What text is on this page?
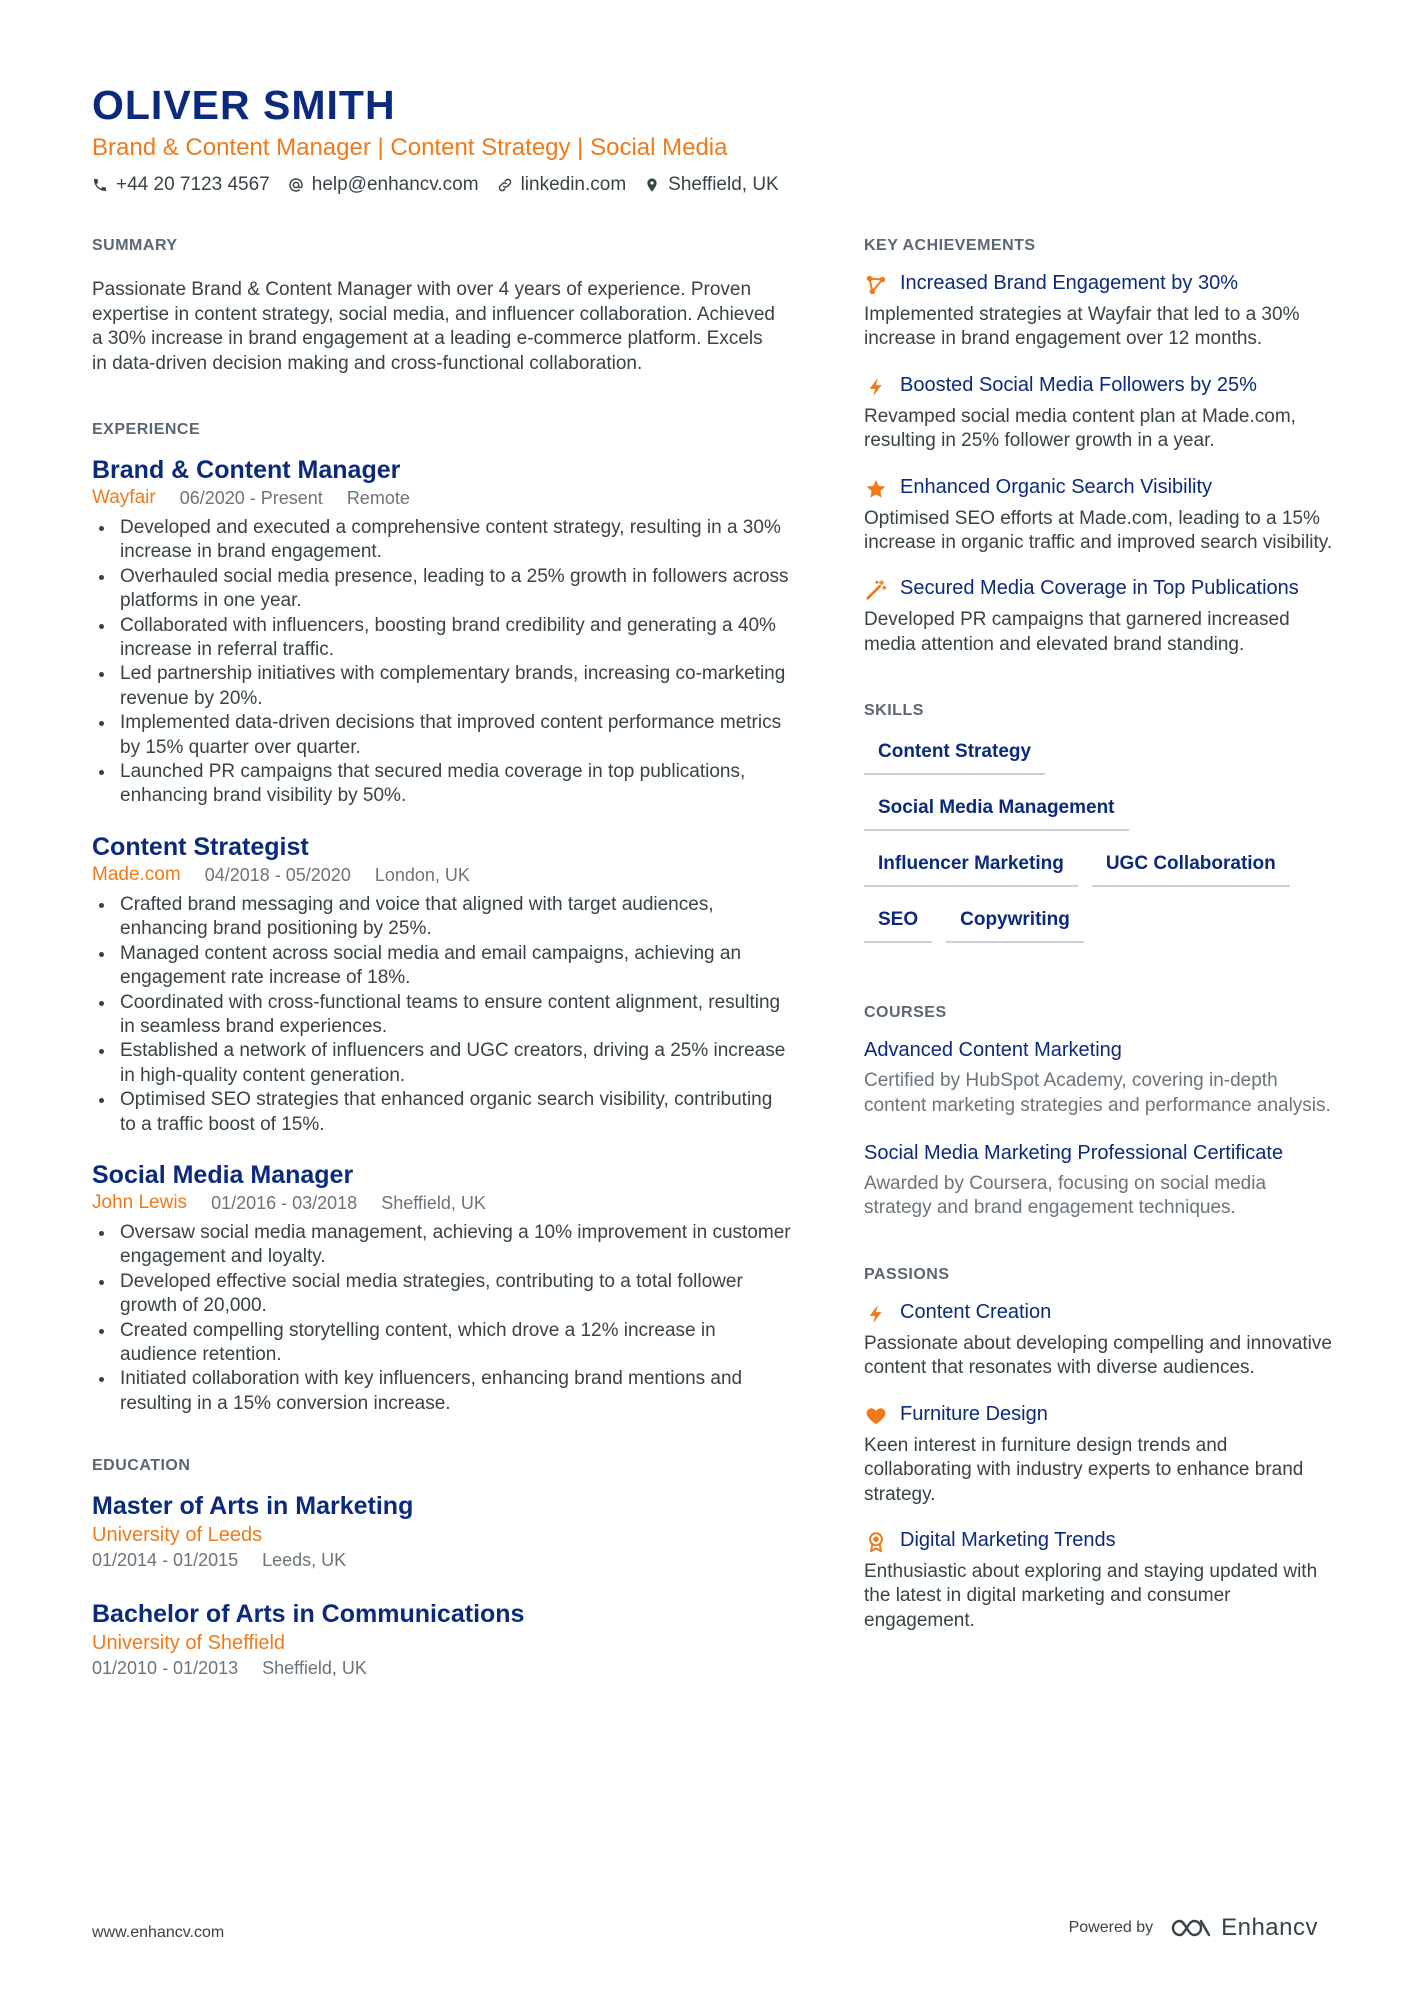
OLIVER SMITH
Brand & Content Manager | Content Strategy | Social Media
+44 20 7123 4567 help@enhancv.com linkedin.com Sheffield, UK
SUMMARY

Passionate Brand & Content Manager with over 4 years of experience. Proven expertise in content strategy, social media, and influencer collaboration. Achieved a 30% increase in brand engagement at a leading e-commerce platform. Excels in data-driven decision making and cross-functional collaboration.

EXPERIENCE
Brand & Content Manager
Wayfair 06/2020 - Present Remote
Developed and executed a comprehensive content strategy, resulting in a 30% increase in brand engagement.
Overhauled social media presence, leading to a 25% growth in followers across platforms in one year.
Collaborated with influencers, boosting brand credibility and generating a 40% increase in referral traffic.
Led partnership initiatives with complementary brands, increasing co-marketing revenue by 20%.
Implemented data-driven decisions that improved content performance metrics by 15% quarter over quarter.
Launched PR campaigns that secured media coverage in top publications, enhancing brand visibility by 50%.
Content Strategist
Made.com 04/2018 - 05/2020 London, UK
Crafted brand messaging and voice that aligned with target audiences, enhancing brand positioning by 25%.
Managed content across social media and email campaigns, achieving an engagement rate increase of 18%.
Coordinated with cross-functional teams to ensure content alignment, resulting in seamless brand experiences.
Established a network of influencers and UGC creators, driving a 25% increase in high-quality content generation.
Optimised SEO strategies that enhanced organic search visibility, contributing to a traffic boost of 15%.
Social Media Manager
John Lewis 01/2016 - 03/2018 Sheffield, UK
Oversaw social media management, achieving a 10% improvement in customer engagement and loyalty.
Developed effective social media strategies, contributing to a total follower growth of 20,000.
Created compelling storytelling content, which drove a 12% increase in audience retention.
Initiated collaboration with key influencers, enhancing brand mentions and resulting in a 15% conversion increase.
EDUCATION
Master of Arts in Marketing
University of Leeds
01/2014 - 01/2015 Leeds, UK
Bachelor of Arts in Communications
University of Sheffield
01/2010 - 01/2013 Sheffield, UK
KEY ACHIEVEMENTS
Increased Brand Engagement by 30%
Implemented strategies at Wayfair that led to a 30% increase in brand engagement over 12 months.
Boosted Social Media Followers by 25%
Revamped social media content plan at Made.com, resulting in 25% follower growth in a year.
Enhanced Organic Search Visibility
Optimised SEO efforts at Made.com, leading to a 15% increase in organic traffic and improved search visibility.
Secured Media Coverage in Top Publications
Developed PR campaigns that garnered increased media attention and elevated brand standing.
SKILLS
Content Strategy
Social Media Management
Influencer Marketing	UGC Collaboration
SEO	Copywriting
COURSES
Advanced Content Marketing
Certified by HubSpot Academy, covering in-depth content marketing strategies and performance analysis.
Social Media Marketing Professional Certificate
Awarded by Coursera, focusing on social media strategy and brand engagement techniques.
PASSIONS
Content Creation
Passionate about developing compelling and innovative content that resonates with diverse audiences.
Furniture Design
Keen interest in furniture design trends and collaborating with industry experts to enhance brand strategy.
Digital Marketing Trends
Enthusiastic about exploring and staying updated with the latest in digital marketing and consumer engagement.
www.enhancv.com	Powered by	Enhancv
